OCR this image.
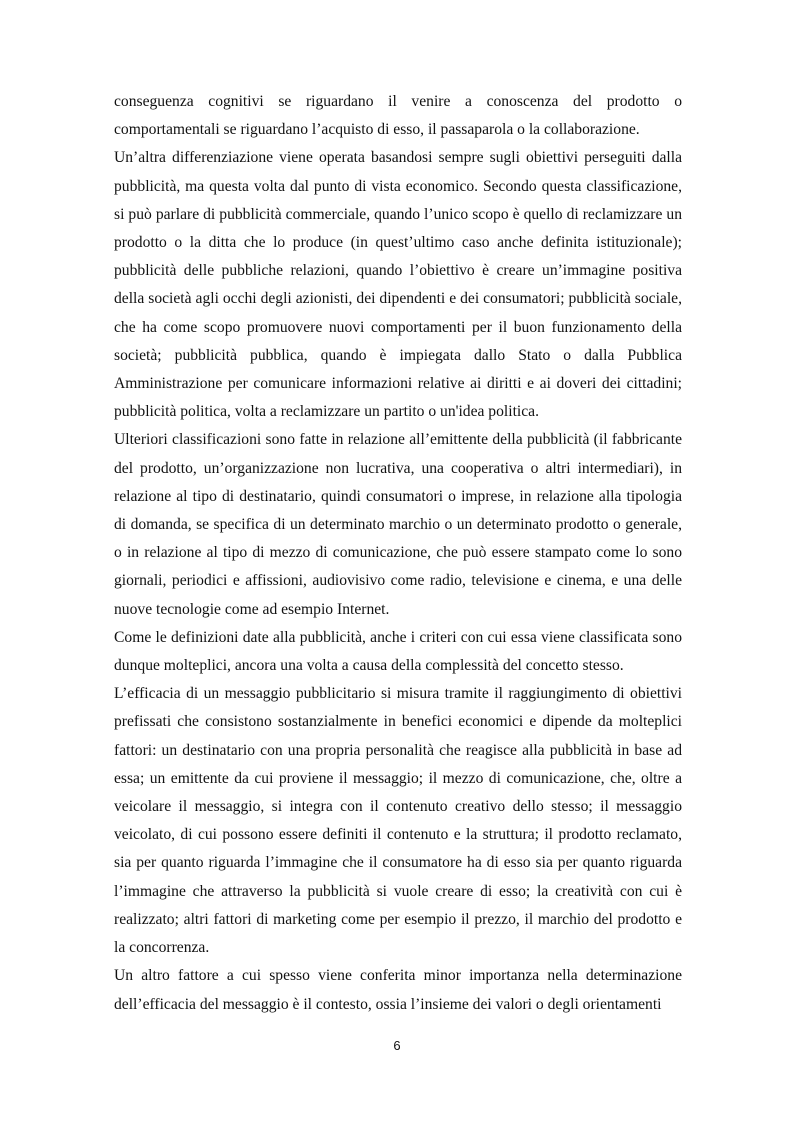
conseguenza cognitivi se riguardano il venire a conoscenza del prodotto o comportamentali se riguardano l’acquisto di esso, il passaparola o la collaborazione.

Un’altra differenziazione viene operata basandosi sempre sugli obiettivi perseguiti dalla pubblicità, ma questa volta dal punto di vista economico. Secondo questa classificazione, si può parlare di pubblicità commerciale, quando l’unico scopo è quello di reclamizzare un prodotto o la ditta che lo produce (in quest’ultimo caso anche definita istituzionale); pubblicità delle pubbliche relazioni, quando l’obiettivo è creare un’immagine positiva della società agli occhi degli azionisti, dei dipendenti e dei consumatori; pubblicità sociale, che ha come scopo promuovere nuovi comportamenti per il buon funzionamento della società; pubblicità pubblica, quando è impiegata dallo Stato o dalla Pubblica Amministrazione per comunicare informazioni relative ai diritti e ai doveri dei cittadini; pubblicità politica, volta a reclamizzare un partito o un'idea politica.

Ulteriori classificazioni sono fatte in relazione all’emittente della pubblicità (il fabbricante del prodotto, un’organizzazione non lucrativa, una cooperativa o altri intermediari), in relazione al tipo di destinatario, quindi consumatori o imprese, in relazione alla tipologia di domanda, se specifica di un determinato marchio o un determinato prodotto o generale, o in relazione al tipo di mezzo di comunicazione, che può essere stampato come lo sono giornali, periodici e affissioni, audiovisivo come radio, televisione e cinema, e una delle nuove tecnologie come ad esempio Internet.

Come le definizioni date alla pubblicità, anche i criteri con cui essa viene classificata sono dunque molteplici, ancora una volta a causa della complessità del concetto stesso.

L’efficacia di un messaggio pubblicitario si misura tramite il raggiungimento di obiettivi prefissati che consistono sostanzialmente in benefici economici e dipende da molteplici fattori: un destinatario con una propria personalità che reagisce alla pubblicità in base ad essa; un emittente da cui proviene il messaggio; il mezzo di comunicazione, che, oltre a veicolare il messaggio, si integra con il contenuto creativo dello stesso; il messaggio veicolato, di cui possono essere definiti il contenuto e la struttura; il prodotto reclamato, sia per quanto riguarda l’immagine che il consumatore ha di esso sia per quanto riguarda l’immagine che attraverso la pubblicità si vuole creare di esso; la creatività con cui è realizzato; altri fattori di marketing come per esempio il prezzo, il marchio del prodotto e la concorrenza.

Un altro fattore a cui spesso viene conferita minor importanza nella determinazione dell’efficacia del messaggio è il contesto, ossia l’insieme dei valori o degli orientamenti

6
